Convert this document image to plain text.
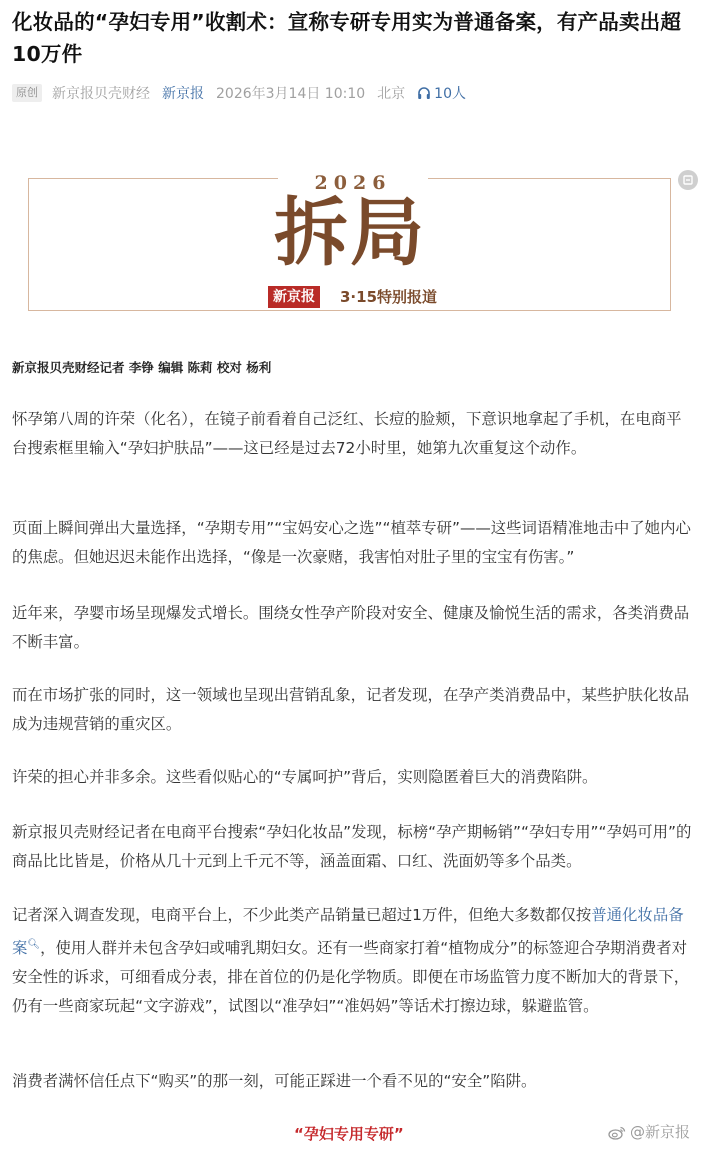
化妆品的“孕妇专用”收割术：宣称专研专用实为普通备案，有产品卖出超10万件
原创 新京报贝壳财经 新京报 2026年3月14日 10:10 北京 10人
2026
拆局
新京报	3·15特别报道
新京报贝壳财经记者 李铮 编辑 陈莉 校对 杨利

怀孕第八周的许荣（化名），在镜子前看着自己泛红、长痘的脸颊，下意识地拿起了手机，在电商平台搜索框里输入“孕妇护肤品”——这已经是过去72小时里，她第九次重复这个动作。

页面上瞬间弹出大量选择，“孕期专用”“宝妈安心之选”“植萃专研”——这些词语精准地击中了她内心的焦虑。但她迟迟未能作出选择，“像是一次豪赌，我害怕对肚子里的宝宝有伤害。”

近年来，孕婴市场呈现爆发式增长。围绕女性孕产阶段对安全、健康及愉悦生活的需求，各类消费品不断丰富。

而在市场扩张的同时，这一领域也呈现出营销乱象，记者发现，在孕产类消费品中，某些护肤化妆品成为违规营销的重灾区。

许荣的担心并非多余。这些看似贴心的“专属呵护”背后，实则隐匿着巨大的消费陷阱。

新京报贝壳财经记者在电商平台搜索“孕妇化妆品”发现，标榜“孕产期畅销”“孕妇专用”“孕妈可用”的商品比比皆是，价格从几十元到上千元不等，涵盖面霜、口红、洗面奶等多个品类。

记者深入调查发现，电商平台上，不少此类产品销量已超过1万件，但绝大多数都仅按普通化妆品备案🔍︎，使用人群并未包含孕妇或哺乳期妇女。还有一些商家打着“植物成分”的标签迎合孕期消费者对安全性的诉求，可细看成分表，排在首位的仍是化学物质。即便在市场监管力度不断加大的背景下，仍有一些商家玩起“文字游戏”，试图以“准孕妇”“准妈妈”等话术打擦边球，躲避监管。

消费者满怀信任点下“购买”的那一刻，可能正踩进一个看不见的“安全”陷阱。

“孕妇专用专研”	@新京报
